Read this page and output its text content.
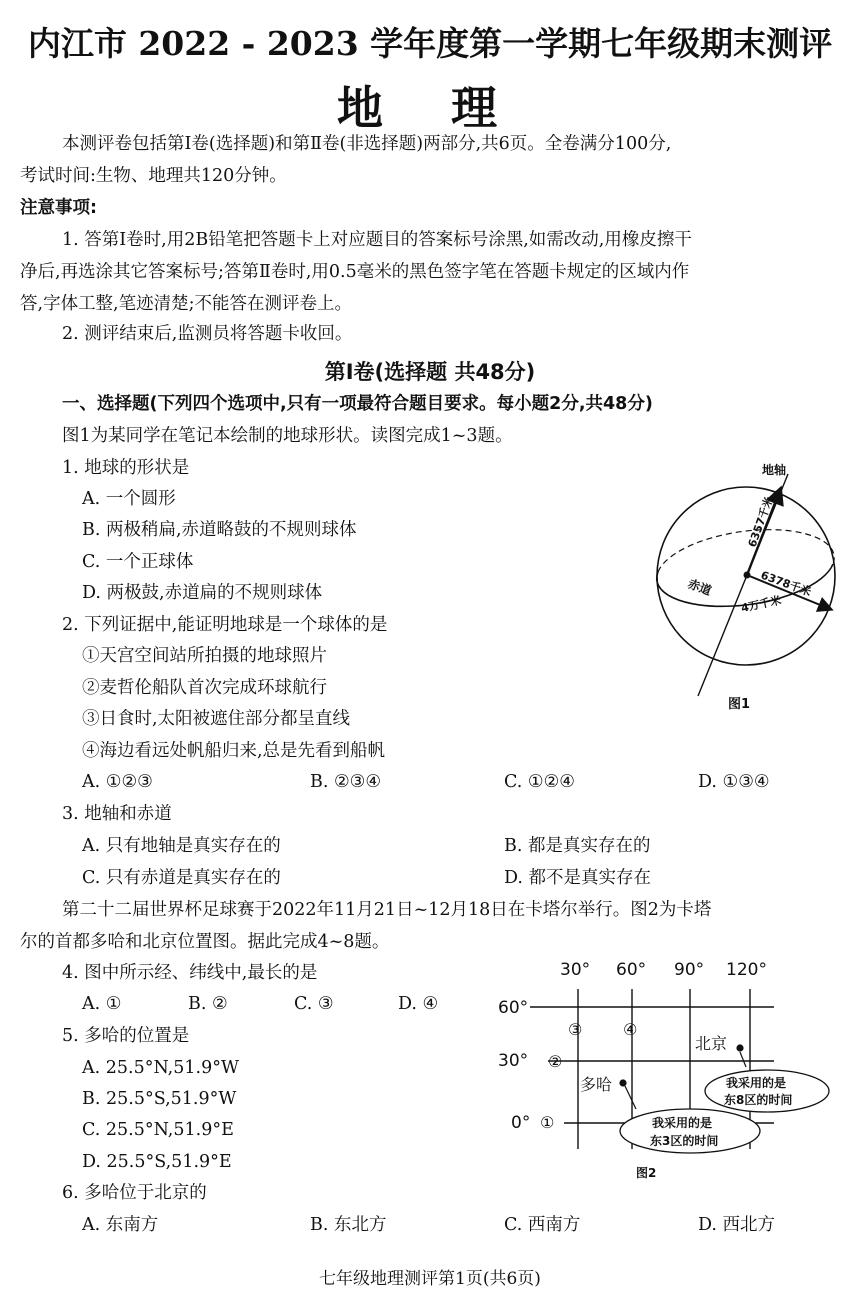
内江市 2022 - 2023 学年度第一学期七年级期末测评
地 理
本测评卷包括第Ⅰ卷(选择题)和第Ⅱ卷(非选择题)两部分,共6页。全卷满分100分,
考试时间:生物、地理共120分钟。
注意事项:
1. 答第Ⅰ卷时,用2B铅笔把答题卡上对应题目的答案标号涂黑,如需改动,用橡皮擦干
净后,再选涂其它答案标号;答第Ⅱ卷时,用0.5毫米的黑色签字笔在答题卡规定的区域内作
答,字体工整,笔迹清楚;不能答在测评卷上。
2. 测评结束后,监测员将答题卡收回。
第Ⅰ卷(选择题 共48分)
一、选择题(下列四个选项中,只有一项最符合题目要求。每小题2分,共48分)
图1为某同学在笔记本绘制的地球形状。读图完成1~3题。
1. 地球的形状是
A. 一个圆形
B. 两极稍扁,赤道略鼓的不规则球体
C. 一个正球体
D. 两极鼓,赤道扁的不规则球体
2. 下列证据中,能证明地球是一个球体的是
①天宫空间站所拍摄的地球照片
②麦哲伦船队首次完成环球航行
③日食时,太阳被遮住部分都呈直线
④海边看远处帆船归来,总是先看到船帆
A. ①②③	B. ②③④	C. ①②④	D. ①③④
3. 地轴和赤道
A. 只有地轴是真实存在的	B. 都是真实存在的
C. 只有赤道是真实存在的	D. 都不是真实存在
第二十二届世界杯足球赛于2022年11月21日~12月18日在卡塔尔举行。图2为卡塔
尔的首都多哈和北京位置图。据此完成4~8题。
4. 图中所示经、纬线中,最长的是
A. ①	B. ②	C. ③	D. ④
5. 多哈的位置是
A. 25.5°N,51.9°W
B. 25.5°S,51.9°W
C. 25.5°N,51.9°E
D. 25.5°S,51.9°E
6. 多哈位于北京的
A. 东南方	B. 东北方	C. 西南方	D. 西北方
地轴
6357千米
6378千米
赤道
4万千米
图1
30° 60° 90° 120°
60°
30°
0° ①
②
③	④
北京
多哈	我采用的是
东8区的时间
我采用的是
东3区的时间
图2
七年级地理测评第1页(共6页)
